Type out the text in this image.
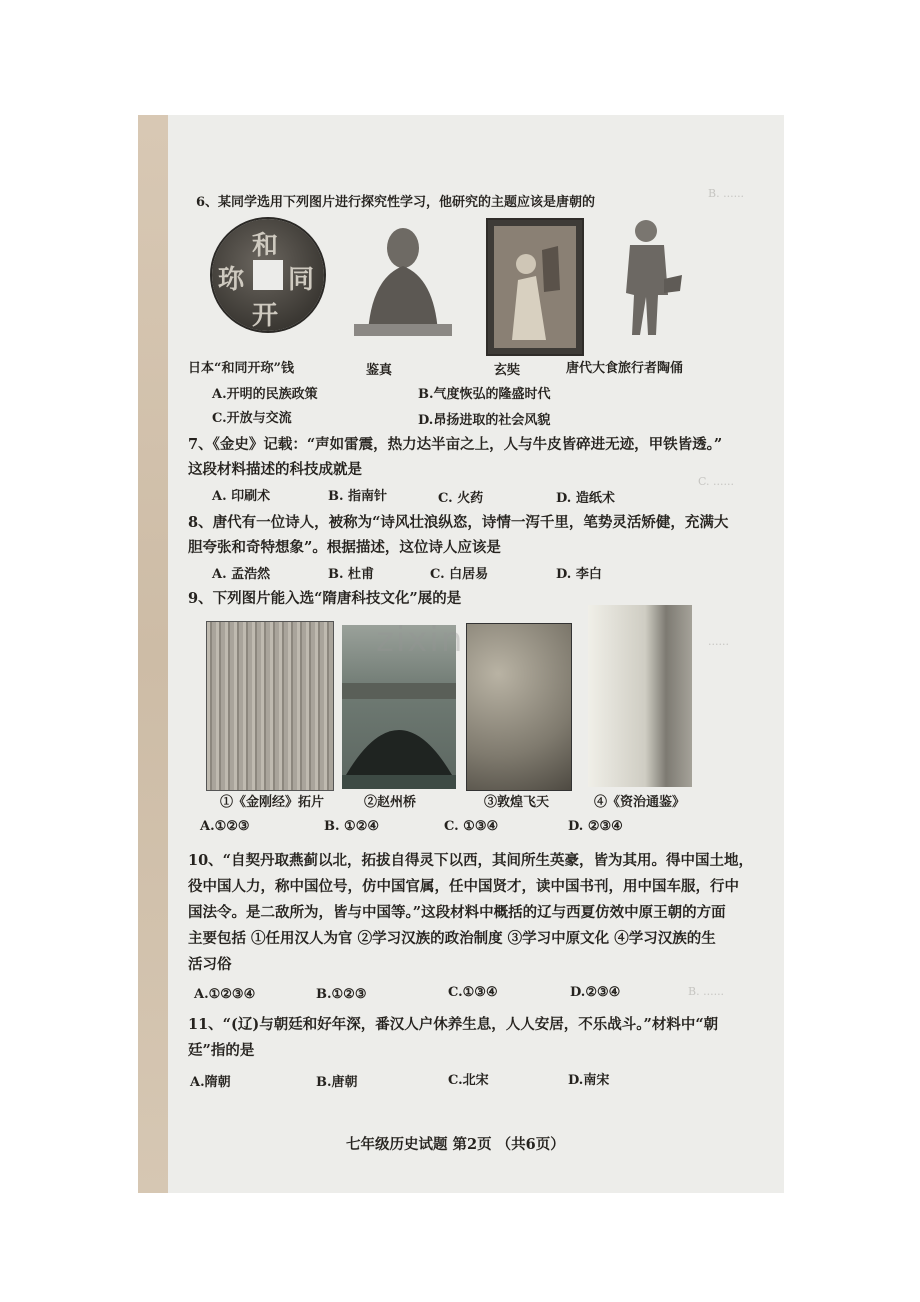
B. ......
C. ......
......
B. ......
6、某同学选用下列图片进行探究性学习，他研究的主题应该是唐朝的
和
同
开
珎
日本“和同开珎”钱	鉴真	玄奘	唐代大食旅行者陶俑
A.开明的民族政策	B.气度恢弘的隆盛时代
C.开放与交流	D.昂扬进取的社会风貌
7、《金史》记载：“声如雷震，热力达半亩之上，人与牛皮皆碎进无迹，甲铁皆透。”
这段材料描述的科技成就是
A. 印刷术	B. 指南针	C. 火药	D. 造纸术
8、唐代有一位诗人，被称为“诗风壮浪纵恣，诗情一泻千里，笔势灵活矫健，充满大
胆夸张和奇特想象”。根据描述，这位诗人应该是
A. 孟浩然	B. 杜甫	C. 白居易	D. 李白
9、下列图片能入选“隋唐科技文化”展的是
zixin
①《金刚经》拓片	②赵州桥	③敦煌飞天	④《资治通鉴》
A.①②③	B. ①②④	C. ①③④	D. ②③④
10、“自契丹取燕蓟以北，拓拔自得灵下以西，其间所生英豪，皆为其用。得中国土地，
役中国人力，称中国位号，仿中国官属，任中国贤才，读中国书刊，用中国车服，行中
国法令。是二敌所为，皆与中国等。”这段材料中概括的辽与西夏仿效中原王朝的方面
主要包括 ①任用汉人为官 ②学习汉族的政治制度 ③学习中原文化 ④学习汉族的生
活习俗
A.①②③④	B.①②③	C.①③④	D.②③④
11、“(辽)与朝廷和好年深，番汉人户休养生息，人人安居，不乐战斗。”材料中“朝
廷”指的是
A.隋朝	B.唐朝	C.北宋	D.南宋
七年级历史试题 第2页 （共6页）
